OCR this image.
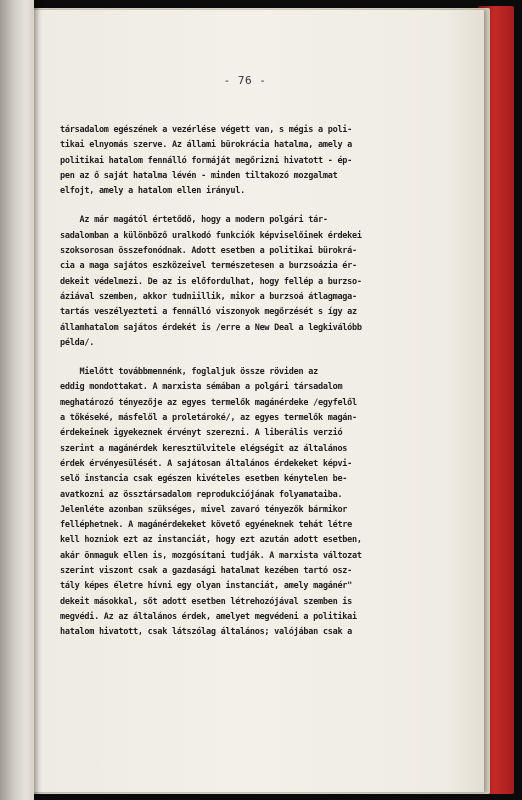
- 76 -
társadalom egészének a vezérlése végett van, s mégis a poli-
tikai elnyomás szerve. Az állami bürokrácia hatalma, amely a
politikai hatalom fennálló formáját megőrizni hivatott - ép-
pen az ő saját hatalma lévén - minden tiltakozó mozgalmat
elfojt, amely a hatalom ellen irányul.
Az már magától értetődő, hogy a modern polgári tár-
sadalomban a különböző uralkodó funkciók képviselőinek érdekei
szoksorosan összefonódnak. Adott esetben a politikai bürokrá-
cia a maga sajátos eszközeivel természetesen a burzsoázia ér-
dekeit védelmezi. De az is előfordulhat, hogy fellép a burzso-
áziával szemben, akkor tudniillik, mikor a burzsoá átlagmaga-
tartás veszélyezteti a fennálló viszonyok megőrzését s így az
államhatalom sajátos érdekét is /erre a New Deal a legkiválóbb
példa/.
Mielőtt továbbmennénk, foglaljuk össze röviden az
eddig mondottakat. A marxista sémában a polgári társadalom
meghatározó tényezője az egyes termelők magánérdeke /egyfelől
a tőkéseké, másfelől a proletároké/, az egyes termelők magán-
érdekeinek igyekeznek érvényt szerezni. A liberális verzió
szerint a magánérdek keresztülvitele elégségit az általános
érdek érvényesülését. A sajátosan általános érdekeket képvi-
selő instancia csak egészen kivételes esetben kénytelen be-
avatkozni az össztársadalom reprodukciójának folyamataiba.
Jelenléte azonban szükséges, mivel zavaró tényezők bármikor
felléphetnek. A magánérdekeket követő egyéneknek tehát létre
kell hozniok ezt az instanciát, hogy ezt azután adott esetben,
akár önmaguk ellen is, mozgósítani tudják. A marxista változat
szerint viszont csak a gazdasági hatalmat kezében tartó osz-
tály képes életre hívni egy olyan instanciát, amely magánér"
dekeit másokkal, sőt adott esetben létrehozójával szemben is
megvédi. Az az általános érdek, amelyet megvédeni a politikai
hatalom hivatott, csak látszólag általános; valójában csak a
